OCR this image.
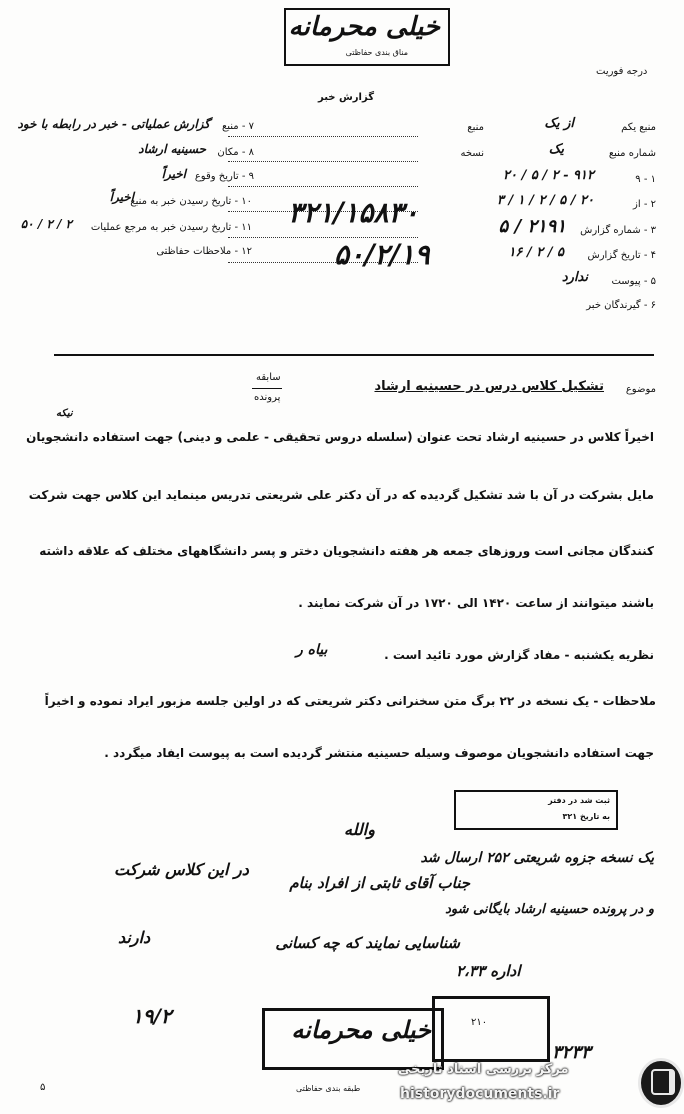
خیلی محرمانه
مناق بندی حفاظتی
گزارش خبر
درجه فوریت
۷ - منبع
گزارش عملیاتی - خبر در رابطه با خود
۸ - مکان
حسینیه ارشاد
۹ - تاریخ وقوع
اخیراً
۱۰ - تاریخ رسیدن خبر به منبع
اخیراً
۱۱ - تاریخ رسیدن خبر به مرجع عملیات
۲ / ۲ / ۵۰
۱۲ - ملاحظات حفاظتی
منبع یکم
از یک
منبع
شماره منبع
یک
نسخه
۱ - ۹
۹۱۲ - ۲ / ۵ / ۲۰
۲ - از
۲۰ / ۵ / ۲ / ۱ / ۳
۳ - شماره گزارش
۲۱۹۱ / ۵
۴ - تاریخ گزارش
۵ / ۲ / ۱۶
۵ - پیوست
ندارد
۶ - گیرندگان خبر
۳۲۱/۱۵۸۳۰
۵۰/۲/۱۹
سابقه
پرونده
موضوع
تشکیل کلاس درس در حسینیه ارشاد
نیکه
اخیراً کلاس در حسینیه ارشاد تحت عنوان (سلسله دروس تحقیقی - علمی و دینی) جهت استفاده دانشجویان
مایل بشرکت در آن با شد تشکیل گردیده که در آن دکتر علی شریعتی تدریس مینماید این کلاس جهت شرکت
کنندگان مجانی است وروزهای جمعه هر هفته دانشجویان دختر و پسر دانشگاههای مختلف که علاقه داشته
باشند میتوانند از ساعت ۱۴۲۰ الی ۱۷۲۰ در آن شرکت نمایند .
نظریه یکشنبه - مفاد گزارش مورد تائید است .
بیاه ر
ملاحظات - یک نسخه در ۲۲ برگ متن سخنرانی دکتر شریعتی که در اولین جلسه مزبور ایراد نموده و اخیراً
جهت استفاده دانشجویان موصوف وسیله حسینیه منتشر گردیده است به پیوست ایفاد میگردد .
ثبت شد در دفتر
به تاریخ ۳۲۱
والله
یک نسخه جزوه شریعتی ۲۵۲ ارسال شد
و در پرونده حسینیه ارشاد بایگانی شود
اداره ۲،۳۳
جناب آقای ثابتی از افراد بنام
شناسایی نمایند که چه کسانی
در این کلاس شرکت
دارند
۱۹/۲	۲۱۰
خیلی محرمانه
طبقه بندی حفاظتی
۳۲۳۳
۵
مرکز بررسی اسناد تاریخی
historydocuments.ir
